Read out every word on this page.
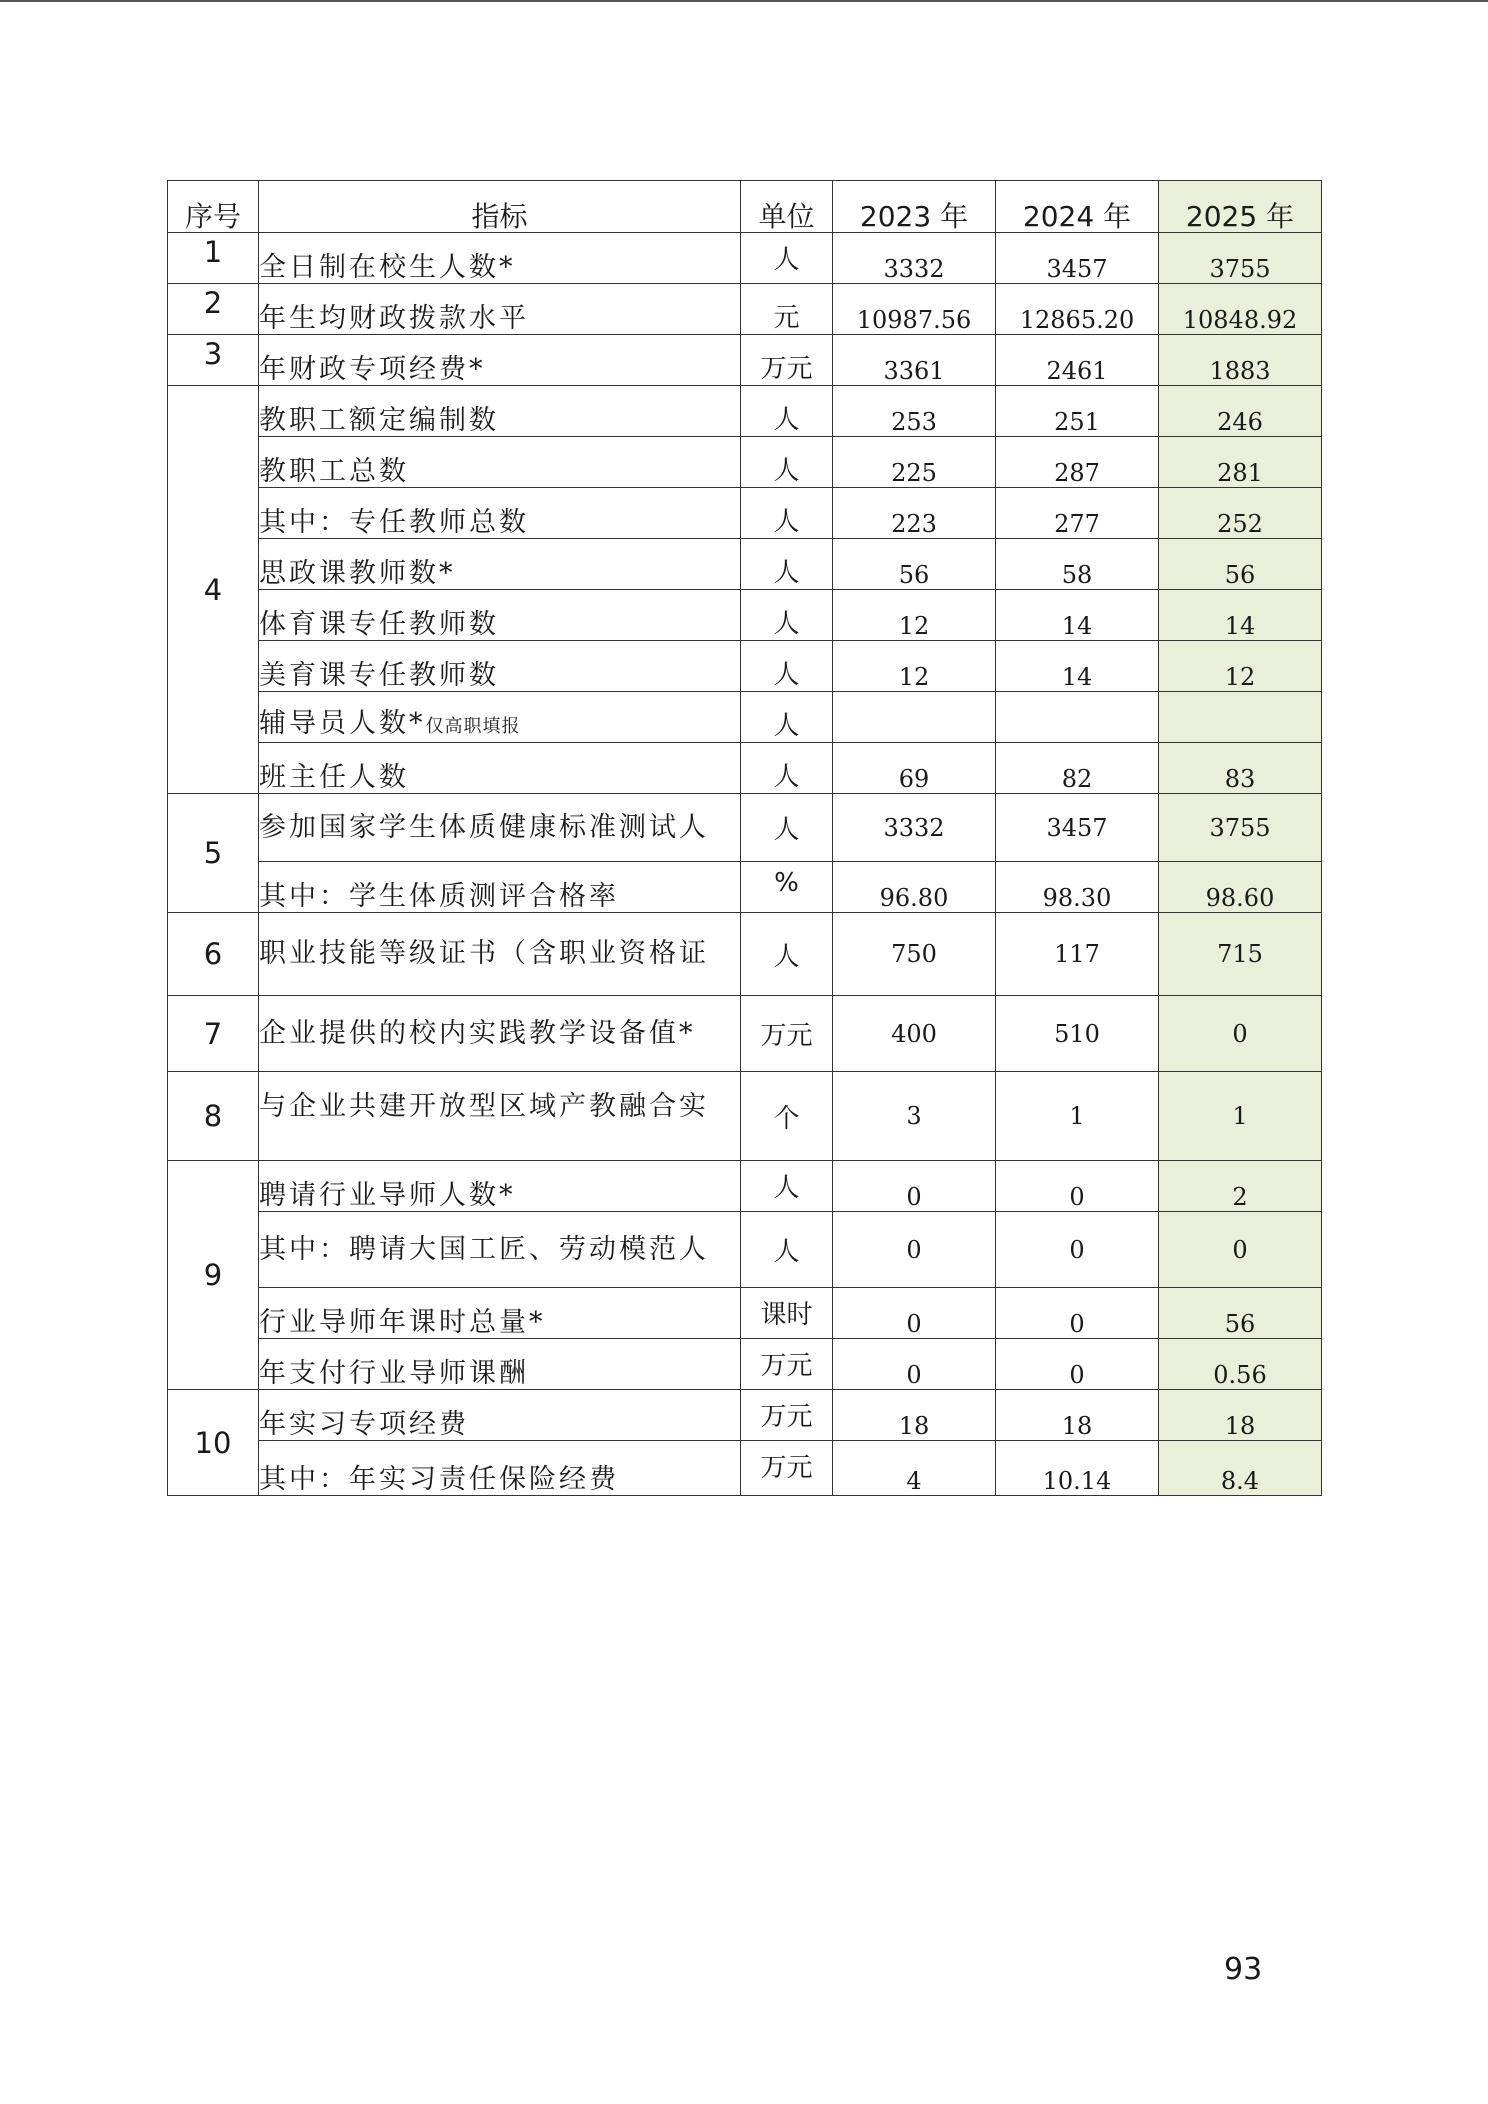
序号	指标	单位	2023 年	2024 年	2025 年
1	全日制在校生人数*	人	3332	3457	3755
2	年生均财政拨款水平	元	10987.56	12865.20	10848.92
3	年财政专项经费*	万元	3361	2461	1883
4	教职工额定编制数	人	253	251	246
	教职工总数	人	225	287	281
	其中：专任教师总数	人	223	277	252
	思政课教师数*	人	56	58	56
	体育课专任教师数	人	12	14	14
	美育课专任教师数	人	12	14	12
	辅导员人数*仅高职填报	人			
	班主任人数	人	69	82	83
5	参加国家学生体质健康标准测试人	人	3332	3457	3755
	其中：学生体质测评合格率	%	96.80	98.30	98.60
6	职业技能等级证书（含职业资格证	人	750	117	715
7	企业提供的校内实践教学设备值*	万元	400	510	0
8	与企业共建开放型区域产教融合实	个	3	1	1
9	聘请行业导师人数*	人	0	0	2
	其中：聘请大国工匠、劳动模范人	人	0	0	0
	行业导师年课时总量*	课时	0	0	56
	年支付行业导师课酬	万元	0	0	0.56
10	年实习专项经费	万元	18	18	18
	其中：年实习责任保险经费	万元	4	10.14	8.4
93
